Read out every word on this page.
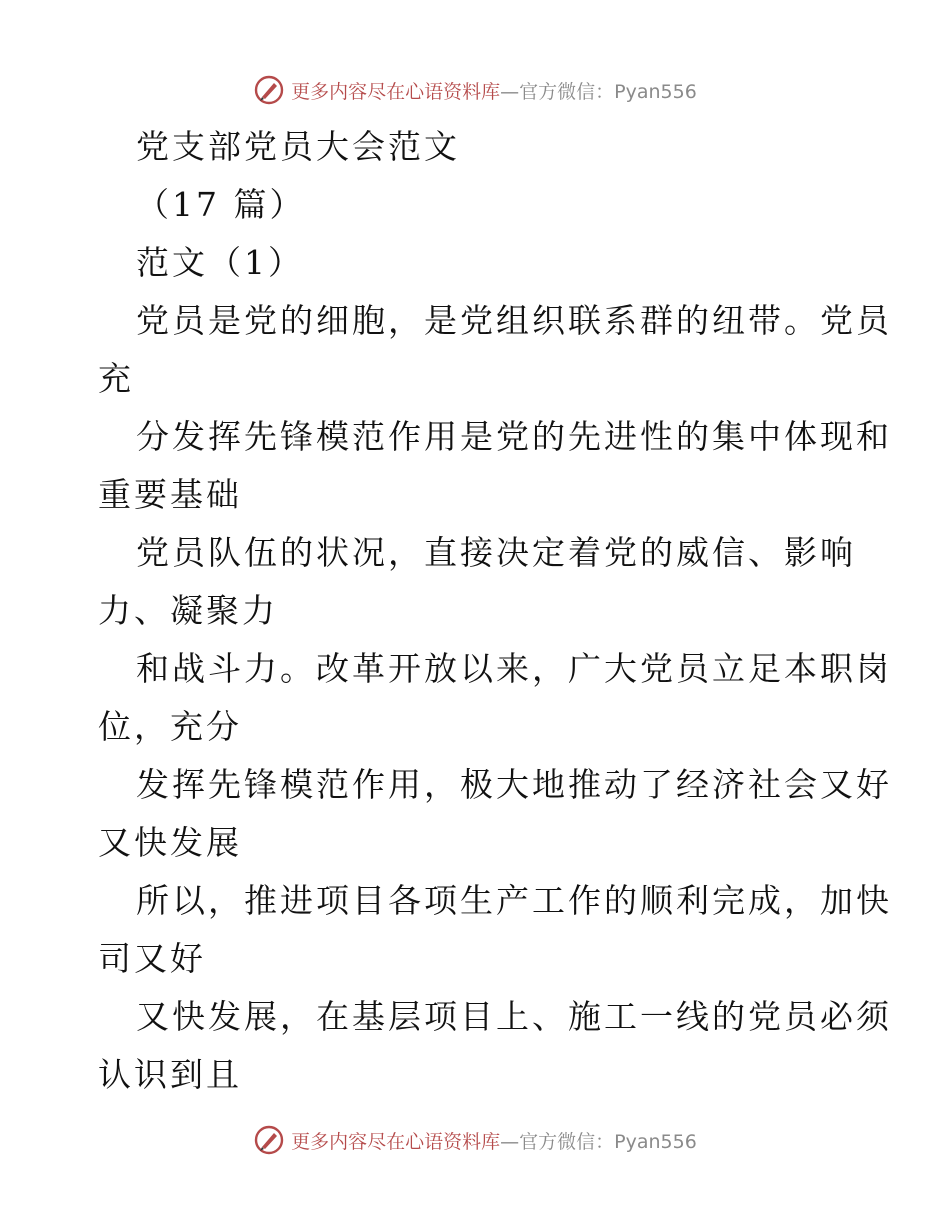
更多内容尽在心语资料库—官方微信：Pyan556
党支部党员大会范文
（17 篇）
范文（1）
党员是党的细胞，是党组织联系群的纽带。党员
充
分发挥先锋模范作用是党的先进性的集中体现和
重要基础
党员队伍的状况，直接决定着党的威信、影响
力、凝聚力
和战斗力。改革开放以来，广大党员立足本职岗
位，充分
发挥先锋模范作用，极大地推动了经济社会又好
又快发展
所以，推进项目各项生产工作的顺利完成，加快
司又好
又快发展，在基层项目上、施工一线的党员必须
认识到且
更多内容尽在心语资料库—官方微信：Pyan556
